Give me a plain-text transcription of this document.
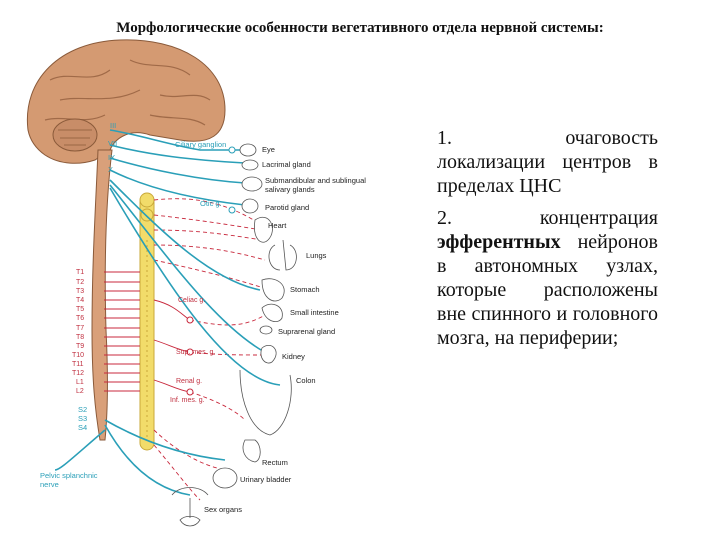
Морфологические особенности вегетативного отдела нервной системы:
III
VII
IX
X
T1
T2
T3
T4
T5
T6
T7
T8
T9
T10
T11
T12
L1
L2
S2
S3
S4
Ciliary ganglion
Otic g.
Celiac g.
Sup. mes. g.
Renal g.
Inf. mes. g.
Pelvic splanchnic nerve
Eye
Lacrimal gland
Submandibular and sublingual salivary glands
Parotid gland
Heart
Lungs
Stomach
Small intestine
Suprarenal gland
Kidney
Colon
Rectum
Urinary bladder
Sex organs

1. очаговость локализации центров в пределах ЦНС

2. концентрация эфферентных нейронов в автономных узлах, которые расположены вне спинного и головного мозга, на периферии;
